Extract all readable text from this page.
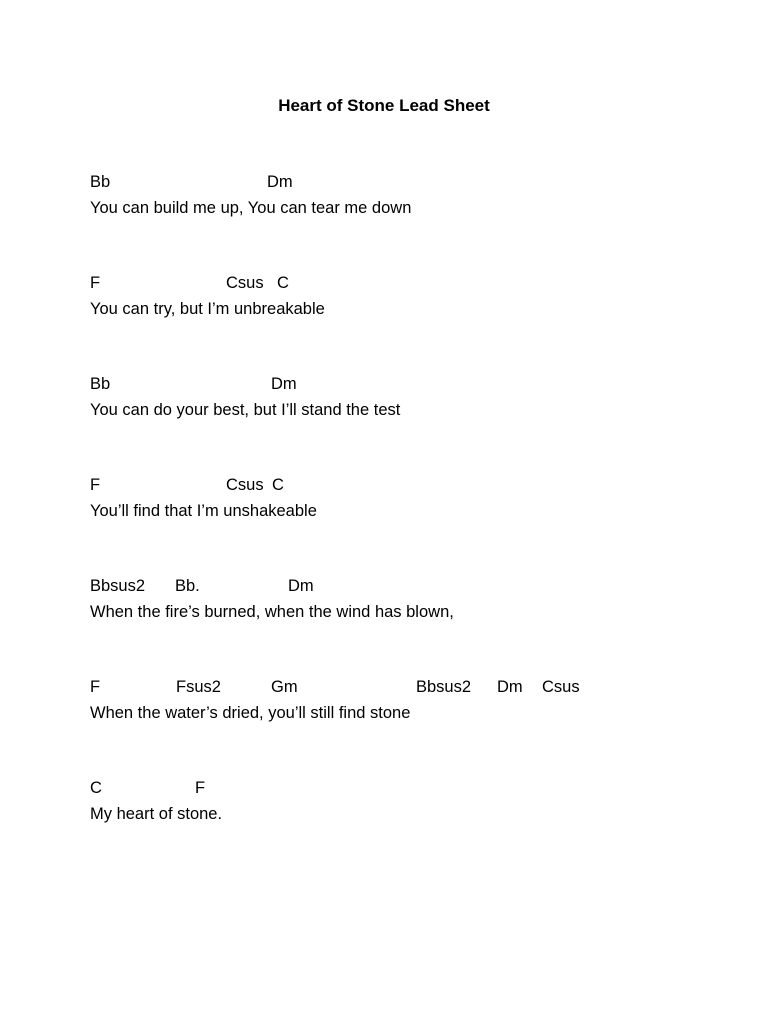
Heart of Stone Lead Sheet
Bb	Dm
You can build me up, You can tear me down
F	Csus C
You can try, but I’m unbreakable
Bb	Dm
You can do your best, but I’ll stand the test
F	Csus C
You’ll find that I’m unshakeable
Bbsus2 Bb.	Dm
When the fire’s burned, when the wind has blown,
F	Fsus2	Gm	Bbsus2 Dm Csus
When the water’s dried, you’ll still find stone
C	F
My heart of stone.
